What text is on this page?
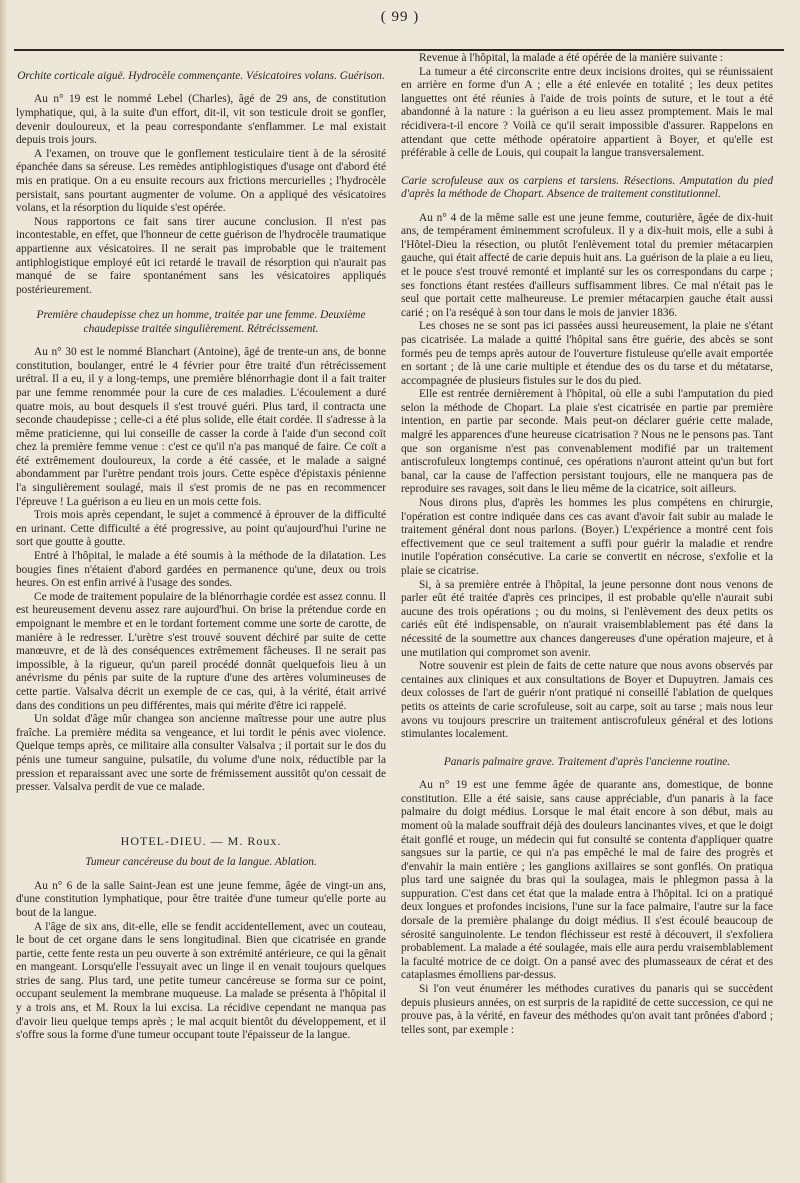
( 99 )

Orchite corticale aiguë. Hydrocèle commençante. Vésicatoires volans. Guérison.

Au n° 19 est le nommé Lebel (Charles), âgé de 29 ans, de constitution lymphatique, qui, à la suite d'un effort, dit-il, vit son testicule droit se gonfler, devenir douloureux, et la peau correspondante s'enflammer. Le mal existait depuis trois jours.

A l'examen, on trouve que le gonflement testiculaire tient à de la sérosité épanchée dans sa séreuse. Les remèdes antiphlogistiques d'usage ont d'abord été mis en pratique. On a eu ensuite recours aux frictions mercurielles ; l'hydrocèle persistait, sans pourtant augmenter de volume. On a appliqué des vésicatoires volans, et la résorption du liquide s'est opérée.

Nous rapportons ce fait sans tirer aucune conclusion. Il n'est pas incontestable, en effet, que l'honneur de cette guérison de l'hydrocèle traumatique appartienne aux vésicatoires. Il ne serait pas improbable que le traitement antiphlogistique employé eût ici retardé le travail de résorption qui n'aurait pas manqué de se faire spontanément sans les vésicatoires appliqués postérieurement.

Première chaudepisse chez un homme, traitée par une femme. Deuxième chaudepisse traitée singulièrement. Rétrécissement.

Au n° 30 est le nommé Blanchart (Antoine), âgé de trente-un ans, de bonne constitution, boulanger, entré le 4 février pour être traité d'un rétrécissement urétral. Il a eu, il y a long-temps, une première blénorrhagie dont il a fait traiter par une femme renommée pour la cure de ces maladies. L'écoulement a duré quatre mois, au bout desquels il s'est trouvé guéri. Plus tard, il contracta une seconde chaudepisse ; celle-ci a été plus solide, elle était cordée. Il s'adresse à la même praticienne, qui lui conseille de casser la corde à l'aide d'un second coït chez la première femme venue : c'est ce qu'il n'a pas manqué de faire. Ce coït a été extrêmement douloureux, la corde a été cassée, et le malade a saigné abondamment par l'urètre pendant trois jours. Cette espèce d'épistaxis pénienne l'a singulièrement soulagé, mais il s'est promis de ne pas en recommencer l'épreuve ! La guérison a eu lieu en un mois cette fois.

Trois mois après cependant, le sujet a commencé à éprouver de la difficulté en urinant. Cette difficulté a été progressive, au point qu'aujourd'hui l'urine ne sort que goutte à goutte.

Entré à l'hôpital, le malade a été soumis à la méthode de la dilatation. Les bougies fines n'étaient d'abord gardées en permanence qu'une, deux ou trois heures. On est enfin arrivé à l'usage des sondes.

Ce mode de traitement populaire de la blénorrhagie cordée est assez connu. Il est heureusement devenu assez rare aujourd'hui. On brise la prétendue corde en empoignant le membre et en le tordant fortement comme une sorte de carotte, de manière à le redresser. L'urètre s'est trouvé souvent déchiré par suite de cette manœuvre, et de là des conséquences extrêmement fâcheuses. Il ne serait pas impossible, à la rigueur, qu'un pareil procédé donnât quelquefois lieu à un anévrisme du pénis par suite de la rupture d'une des artères volumineuses de cette partie. Valsalva décrit un exemple de ce cas, qui, à la vérité, était arrivé dans des conditions un peu différentes, mais qui mérite d'être ici rappelé.

Un soldat d'âge mûr changea son ancienne maîtresse pour une autre plus fraîche. La première médita sa vengeance, et lui tordit le pénis avec violence. Quelque temps après, ce militaire alla consulter Valsalva ; il portait sur le dos du pénis une tumeur sanguine, pulsatile, du volume d'une noix, réductible par la pression et reparaissant avec une sorte de frémissement aussitôt qu'on cessait de presser. Valsalva perdit de vue ce malade.

HOTEL-DIEU. — M. Roux.

Tumeur cancéreuse du bout de la langue. Ablation.

Au n° 6 de la salle Saint-Jean est une jeune femme, âgée de vingt-un ans, d'une constitution lymphatique, pour être traitée d'une tumeur qu'elle porte au bout de la langue.

A l'âge de six ans, dit-elle, elle se fendit accidentellement, avec un couteau, le bout de cet organe dans le sens longitudinal. Bien que cicatrisée en grande partie, cette fente resta un peu ouverte à son extrémité antérieure, ce qui la gênait en mangeant. Lorsqu'elle l'essuyait avec un linge il en venait toujours quelques stries de sang. Plus tard, une petite tumeur cancéreuse se forma sur ce point, occupant seulement la membrane muqueuse. La malade se présenta à l'hôpital il y a trois ans, et M. Roux la lui excisa. La récidive cependant ne manqua pas d'avoir lieu quelque temps après ; le mal acquit bientôt du développement, et il s'offre sous la forme d'une tumeur occupant toute l'épaisseur de la langue.

Revenue à l'hôpital, la malade a été opérée de la manière suivante :

La tumeur a été circonscrite entre deux incisions droites, qui se réunissaient en arrière en forme d'un A ; elle a été enlevée en totalité ; les deux petites languettes ont été réunies à l'aide de trois points de suture, et le tout a été abandonné à la nature : la guérison a eu lieu assez promptement. Mais le mal récidivera-t-il encore ? Voilà ce qu'il serait impossible d'assurer. Rappelons en attendant que cette méthode opératoire appartient à Boyer, et qu'elle est préférable à celle de Louis, qui coupait la langue transversalement.

Carie scrofuleuse aux os carpiens et tarsiens. Résections. Amputation du pied d'après la méthode de Chopart. Absence de traitement constitutionnel.

Au n° 4 de la même salle est une jeune femme, couturière, âgée de dix-huit ans, de tempérament éminemment scrofuleux. Il y a dix-huit mois, elle a subi à l'Hôtel-Dieu la résection, ou plutôt l'enlèvement total du premier métacarpien gauche, qui était affecté de carie depuis huit ans. La guérison de la plaie a eu lieu, et le pouce s'est trouvé remonté et implanté sur les os correspondans du carpe ; ses fonctions étant restées d'ailleurs suffisamment libres. Ce mal n'était pas le seul que portait cette malheureuse. Le premier métacarpien gauche était aussi carié ; on l'a reséqué à son tour dans le mois de janvier 1836.

Les choses ne se sont pas ici passées aussi heureusement, la plaie ne s'étant pas cicatrisée. La malade a quitté l'hôpital sans être guérie, des abcès se sont formés peu de temps après autour de l'ouverture fistuleuse qu'elle avait emportée en sortant ; de là une carie multiple et étendue des os du tarse et du métatarse, accompagnée de plusieurs fistules sur le dos du pied.

Elle est rentrée dernièrement à l'hôpital, où elle a subi l'amputation du pied selon la méthode de Chopart. La plaie s'est cicatrisée en partie par première intention, en partie par seconde. Mais peut-on déclarer guérie cette malade, malgré les apparences d'une heureuse cicatrisation ? Nous ne le pensons pas. Tant que son organisme n'est pas convenablement modifié par un traitement antiscrofuleux longtemps continué, ces opérations n'auront atteint qu'un but fort banal, car la cause de l'affection persistant toujours, elle ne manquera pas de reproduire ses ravages, soit dans le lieu même de la cicatrice, soit ailleurs.

Nous dirons plus, d'après les hommes les plus compétens en chirurgie, l'opération est contre indiquée dans ces cas avant d'avoir fait subir au malade le traitement général dont nous parlons. (Boyer.) L'expérience a montré cent fois effectivement que ce seul traitement a suffi pour guérir la maladie et rendre inutile l'opération consécutive. La carie se convertit en nécrose, s'exfolie et la plaie se cicatrise.

Si, à sa première entrée à l'hôpital, la jeune personne dont nous venons de parler eût été traitée d'après ces principes, il est probable qu'elle n'aurait subi aucune des trois opérations ; ou du moins, si l'enlèvement des deux petits os cariés eût été indispensable, on n'aurait vraisemblablement pas été dans la nécessité de la soumettre aux chances dangereuses d'une opération majeure, et à une mutilation qui compromet son avenir.

Notre souvenir est plein de faits de cette nature que nous avons observés par centaines aux cliniques et aux consultations de Boyer et Dupuytren. Jamais ces deux colosses de l'art de guérir n'ont pratiqué ni conseillé l'ablation de quelques petits os atteints de carie scrofuleuse, soit au carpe, soit au tarse ; mais nous leur avons vu toujours prescrire un traitement antiscrofuleux général et des lotions stimulantes localement.

Panaris palmaire grave. Traitement d'après l'ancienne routine.

Au n° 19 est une femme âgée de quarante ans, domestique, de bonne constitution. Elle a été saisie, sans cause appréciable, d'un panaris à la face palmaire du doigt médius. Lorsque le mal était encore à son début, mais au moment où la malade souffrait déjà des douleurs lancinantes vives, et que le doigt était gonflé et rouge, un médecin qui fut consulté se contenta d'appliquer quatre sangsues sur la partie, ce qui n'a pas empêché le mal de faire des progrès et d'envahir la main entière ; les ganglions axillaires se sont gonflés. On pratiqua plus tard une saignée du bras qui la soulagea, mais le phlegmon passa à la suppuration. C'est dans cet état que la malade entra à l'hôpital. Ici on a pratiqué deux longues et profondes incisions, l'une sur la face palmaire, l'autre sur la face dorsale de la première phalange du doigt médius. Il s'est écoulé beaucoup de sérosité sanguinolente. Le tendon fléchisseur est resté à découvert, il s'exfoliera probablement. La malade a été soulagée, mais elle aura perdu vraisemblablement la faculté motrice de ce doigt. On a pansé avec des plumasseaux de cérat et des cataplasmes émolliens par-dessus.

Si l'on veut énumérer les méthodes curatives du panaris qui se succèdent depuis plusieurs années, on est surpris de la rapidité de cette succession, ce qui ne prouve pas, à la vérité, en faveur des méthodes qu'on avait tant prônées d'abord ; telles sont, par exemple :
